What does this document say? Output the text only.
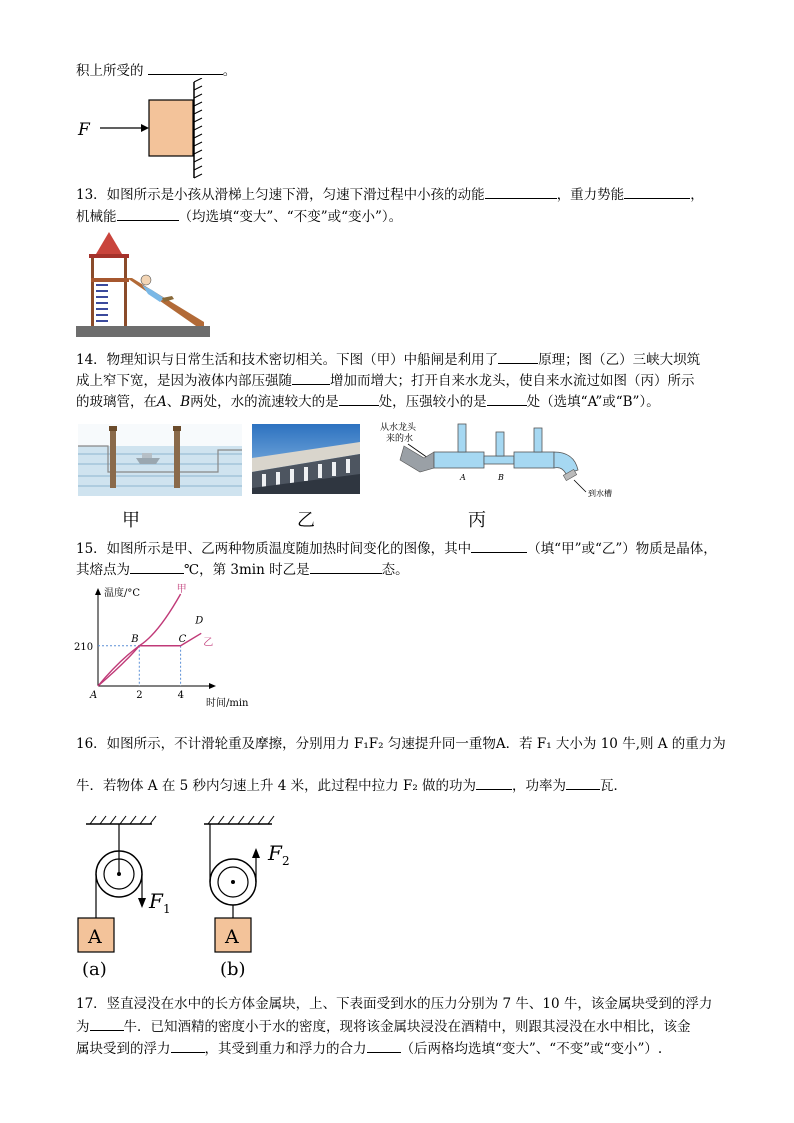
积上所受的	。
F
13．如图所示是小孩从滑梯上匀速下滑，匀速下滑过程中小孩的动能	，重力势能	，
机械能	（均选填“变大”、“不变”或“变小”）。
14．物理知识与日常生活和技术密切相关。下图（甲）中船闸是利用了	原理；图（乙）三峡大坝筑
成上窄下宽，是因为液体内部压强随	增加而增大；打开自来水龙头，使自来水流过如图（丙）所示
的玻璃管，在A、B两处，水的流速较大的是	处，压强较小的是	处（选填“A”或“B”）。
甲	乙
从水龙头
来的水
A	B
到水槽
丙
15．如图所示是甲、乙两种物质温度随加热时间变化的图像，其中	（填“甲”或“乙”）物质是晶体，
其熔点为	℃，第 3min 时乙是	态。
温度/°C
时间/min
2	4
210
A
甲
乙
B	C
D
16．如图所示，不计滑轮重及摩擦，分别用力 F₁F₂ 匀速提升同一重物A．若 F₁ 大小为 10 牛,则 A 的重力为
牛．若物体 A 在 5 秒内匀速上升 4 米，此过程中拉力 F₂ 做的功为	，功率为	瓦．
F 1
A
(a)
F 2
A
(b)
17．竖直浸没在水中的长方体金属块，上、下表面受到水的压力分别为 7 牛、10 牛，该金属块受到的浮力
为	牛．已知酒精的密度小于水的密度，现将该金属块浸没在酒精中，则跟其浸没在水中相比，该金
属块受到的浮力	，其受到重力和浮力的合力	（后两格均选填“变大”、“不变”或“变小”）.
